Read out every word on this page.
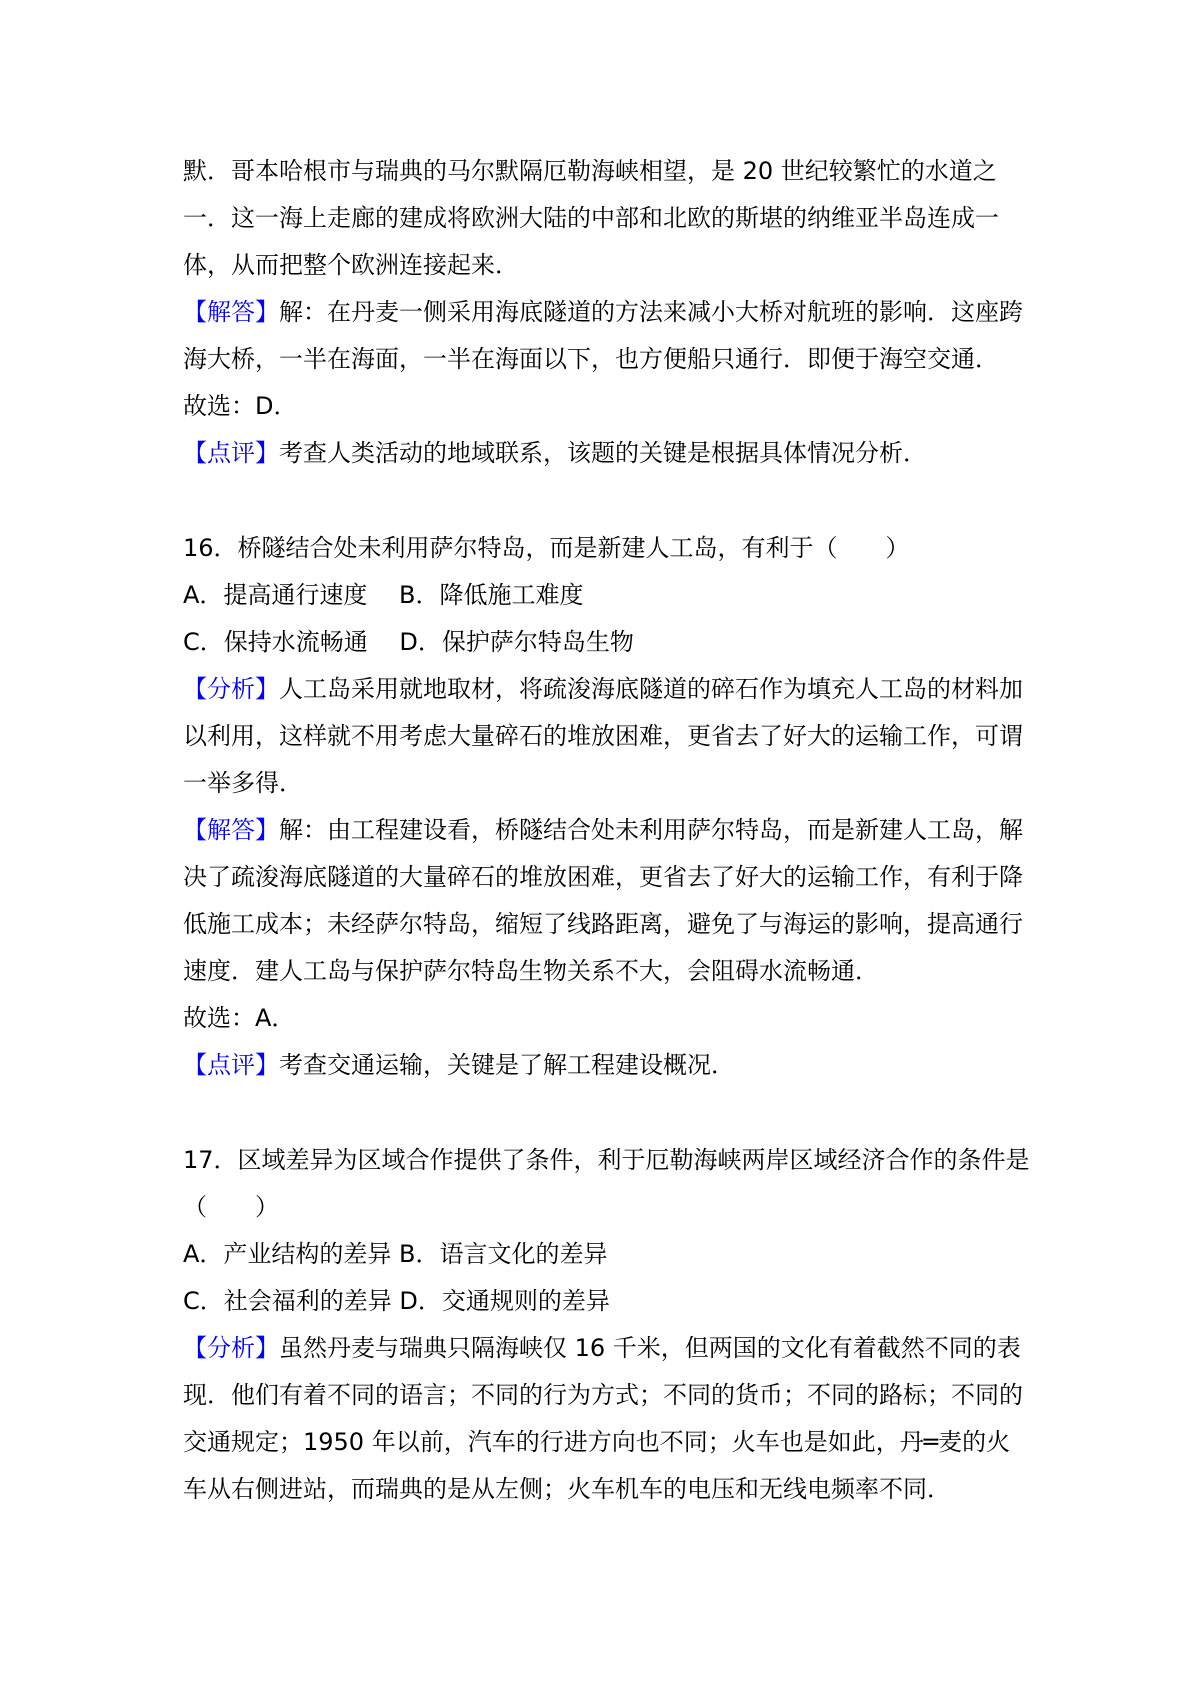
默．哥本哈根市与瑞典的马尔默隔厄勒海峡相望，是 20 世纪较繁忙的水道之
一．这一海上走廊的建成将欧洲大陆的中部和北欧的斯堪的纳维亚半岛连成一
体，从而把整个欧洲连接起来．
【解答】解：在丹麦一侧采用海底隧道的方法来减小大桥对航班的影响．这座跨
海大桥，一半在海面，一半在海面以下，也方便船只通行．即便于海空交通．
故选：D．
【点评】考查人类活动的地域联系，该题的关键是根据具体情况分析．
16．桥隧结合处未利用萨尔特岛，而是新建人工岛，有利于（　　）
A．提高通行速度　 B．降低施工难度
C．保持水流畅通　 D．保护萨尔特岛生物
【分析】人工岛采用就地取材，将疏浚海底隧道的碎石作为填充人工岛的材料加
以利用，这样就不用考虑大量碎石的堆放困难，更省去了好大的运输工作，可谓
一举多得．
【解答】解：由工程建设看，桥隧结合处未利用萨尔特岛，而是新建人工岛，解
决了疏浚海底隧道的大量碎石的堆放困难，更省去了好大的运输工作，有利于降
低施工成本；未经萨尔特岛，缩短了线路距离，避免了与海运的影响，提高通行
速度．建人工岛与保护萨尔特岛生物关系不大，会阻碍水流畅通．
故选：A．
【点评】考查交通运输，关键是了解工程建设概况．
17．区域差异为区域合作提供了条件，利于厄勒海峡两岸区域经济合作的条件是
（　　）
A．产业结构的差异 B．语言文化的差异
C．社会福利的差异 D．交通规则的差异
【分析】虽然丹麦与瑞典只隔海峡仅 16 千米，但两国的文化有着截然不同的表
现．他们有着不同的语言；不同的行为方式；不同的货币；不同的路标；不同的
交通规定；1950 年以前，汽车的行进方向也不同；火车也是如此，丹═麦的火
车从右侧进站，而瑞典的是从左侧；火车机车的电压和无线电频率不同．
